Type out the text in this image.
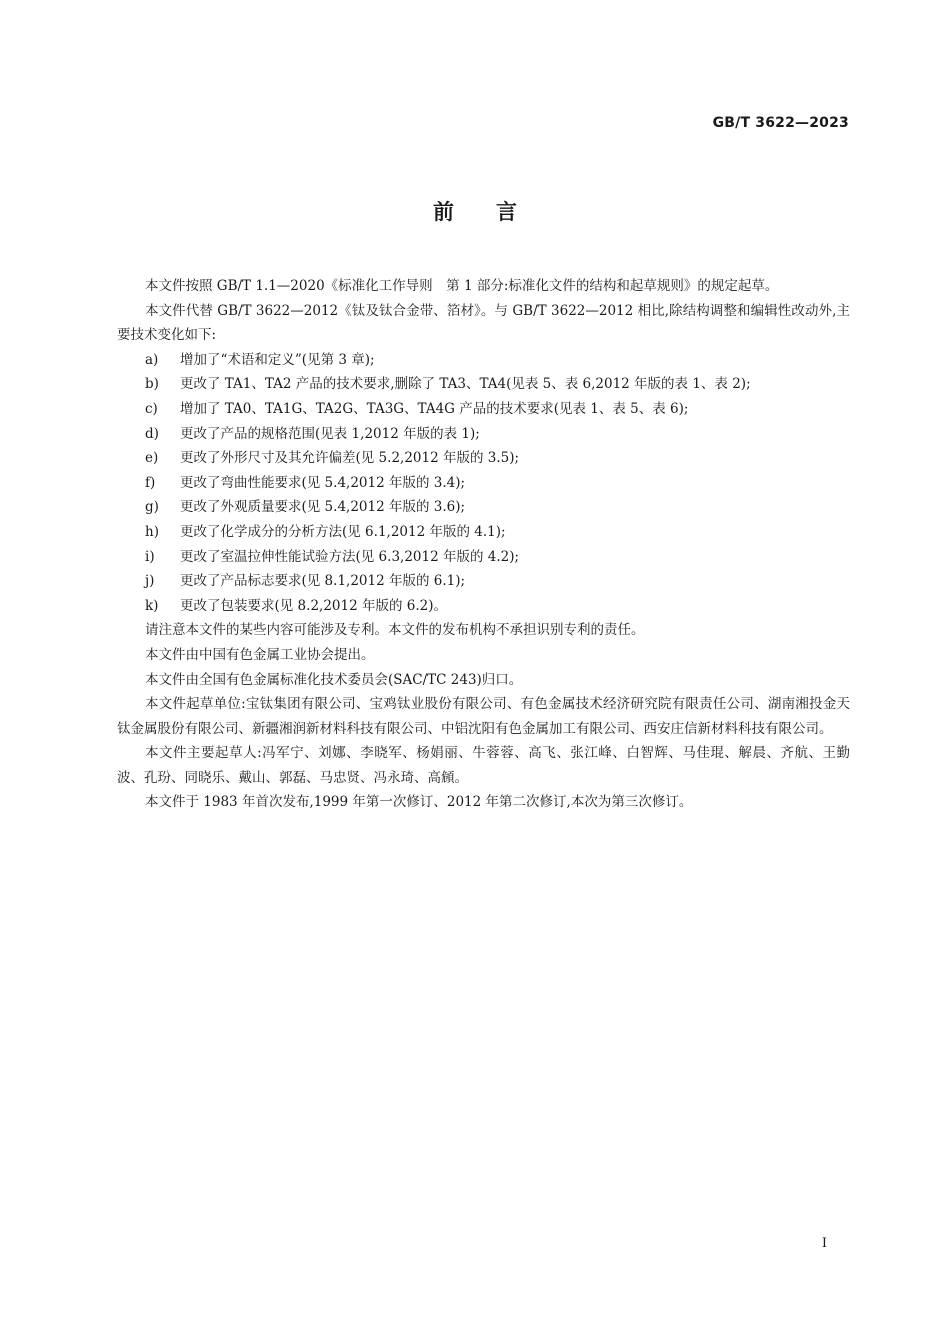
GB/T 3622—2023
前 言

本文件按照 GB/T 1.1—2020《标准化工作导则　第 1 部分:标准化文件的结构和起草规则》的规定起草。

本文件代替 GB/T 3622—2012《钛及钛合金带、箔材》。与 GB/T 3622—2012 相比,除结构调整和编辑性改动外,主要技术变化如下:

a) 增加了“术语和定义”(见第 3 章);

b) 更改了 TA1、TA2 产品的技术要求,删除了 TA3、TA4(见表 5、表 6,2012 年版的表 1、表 2);

c) 增加了 TA0、TA1G、TA2G、TA3G、TA4G 产品的技术要求(见表 1、表 5、表 6);

d) 更改了产品的规格范围(见表 1,2012 年版的表 1);

e) 更改了外形尺寸及其允许偏差(见 5.2,2012 年版的 3.5);

f) 更改了弯曲性能要求(见 5.4,2012 年版的 3.4);

g) 更改了外观质量要求(见 5.4,2012 年版的 3.6);

h) 更改了化学成分的分析方法(见 6.1,2012 年版的 4.1);

i) 更改了室温拉伸性能试验方法(见 6.3,2012 年版的 4.2);

j) 更改了产品标志要求(见 8.1,2012 年版的 6.1);

k) 更改了包装要求(见 8.2,2012 年版的 6.2)。

请注意本文件的某些内容可能涉及专利。本文件的发布机构不承担识别专利的责任。

本文件由中国有色金属工业协会提出。

本文件由全国有色金属标准化技术委员会(SAC/TC 243)归口。

本文件起草单位:宝钛集团有限公司、宝鸡钛业股份有限公司、有色金属技术经济研究院有限责任公司、湖南湘投金天钛金属股份有限公司、新疆湘润新材料科技有限公司、中铝沈阳有色金属加工有限公司、西安庄信新材料科技有限公司。

本文件主要起草人:冯军宁、刘娜、李晓军、杨娟丽、牛蓉蓉、高飞、张江峰、白智辉、马佳琨、解晨、齐航、王勤波、孔玢、同晓乐、戴山、郭磊、马忠贤、冯永琦、高頠。

本文件于 1983 年首次发布,1999 年第一次修订、2012 年第二次修订,本次为第三次修订。

I
